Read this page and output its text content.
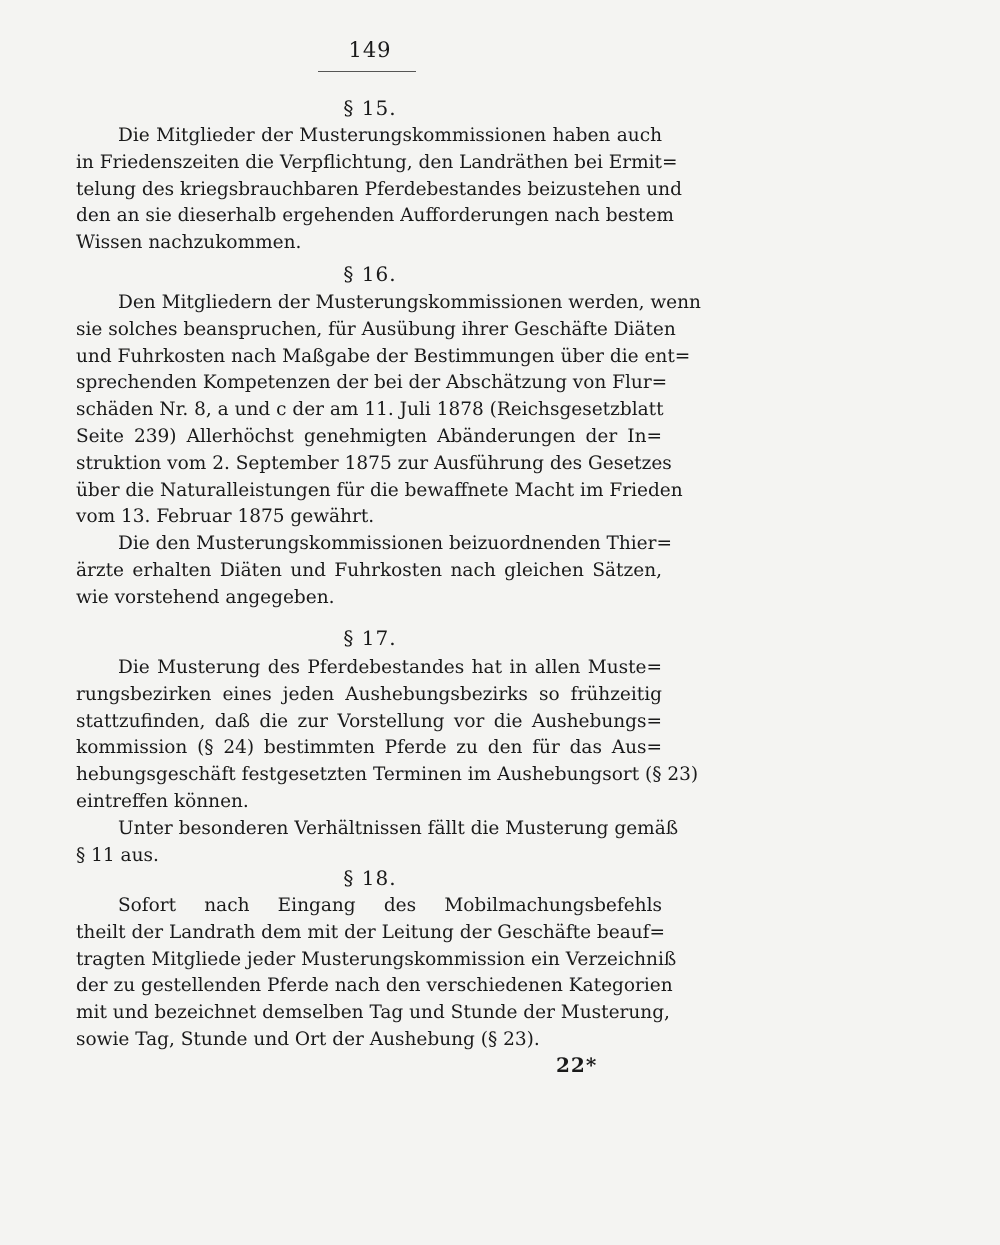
149
§ 15.
Die Mitglieder der Musterungskommissionen haben auch
in Friedenszeiten die Verpflichtung, den Landräthen bei Ermit=
telung des kriegsbrauchbaren Pferdebestandes beizustehen und
den an sie dieserhalb ergehenden Aufforderungen nach bestem
Wissen nachzukommen.
§ 16.
Den Mitgliedern der Musterungskommissionen werden, wenn
sie solches beanspruchen, für Ausübung ihrer Geschäfte Diäten
und Fuhrkosten nach Maßgabe der Bestimmungen über die ent=
sprechenden Kompetenzen der bei der Abschätzung von Flur=
schäden Nr. 8, a und c der am 11. Juli 1878 (Reichsgesetzblatt
Seite 239) Allerhöchst genehmigten Abänderungen der In=
struktion vom 2. September 1875 zur Ausführung des Gesetzes
über die Naturalleistungen für die bewaffnete Macht im Frieden
vom 13. Februar 1875 gewährt.
Die den Musterungskommissionen beizuordnenden Thier=
ärzte erhalten Diäten und Fuhrkosten nach gleichen Sätzen,
wie vorstehend angegeben.
§ 17.
Die Musterung des Pferdebestandes hat in allen Muste=
rungsbezirken eines jeden Aushebungsbezirks so frühzeitig
stattzufinden, daß die zur Vorstellung vor die Aushebungs=
kommission (§ 24) bestimmten Pferde zu den für das Aus=
hebungsgeschäft festgesetzten Terminen im Aushebungsort (§ 23)
eintreffen können.
Unter besonderen Verhältnissen fällt die Musterung gemäß
§ 11 aus.
§ 18.
Sofort nach Eingang des Mobilmachungsbefehls
theilt der Landrath dem mit der Leitung der Geschäfte beauf=
tragten Mitgliede jeder Musterungskommission ein Verzeichniß
der zu gestellenden Pferde nach den verschiedenen Kategorien
mit und bezeichnet demselben Tag und Stunde der Musterung,
sowie Tag, Stunde und Ort der Aushebung (§ 23).
22*
